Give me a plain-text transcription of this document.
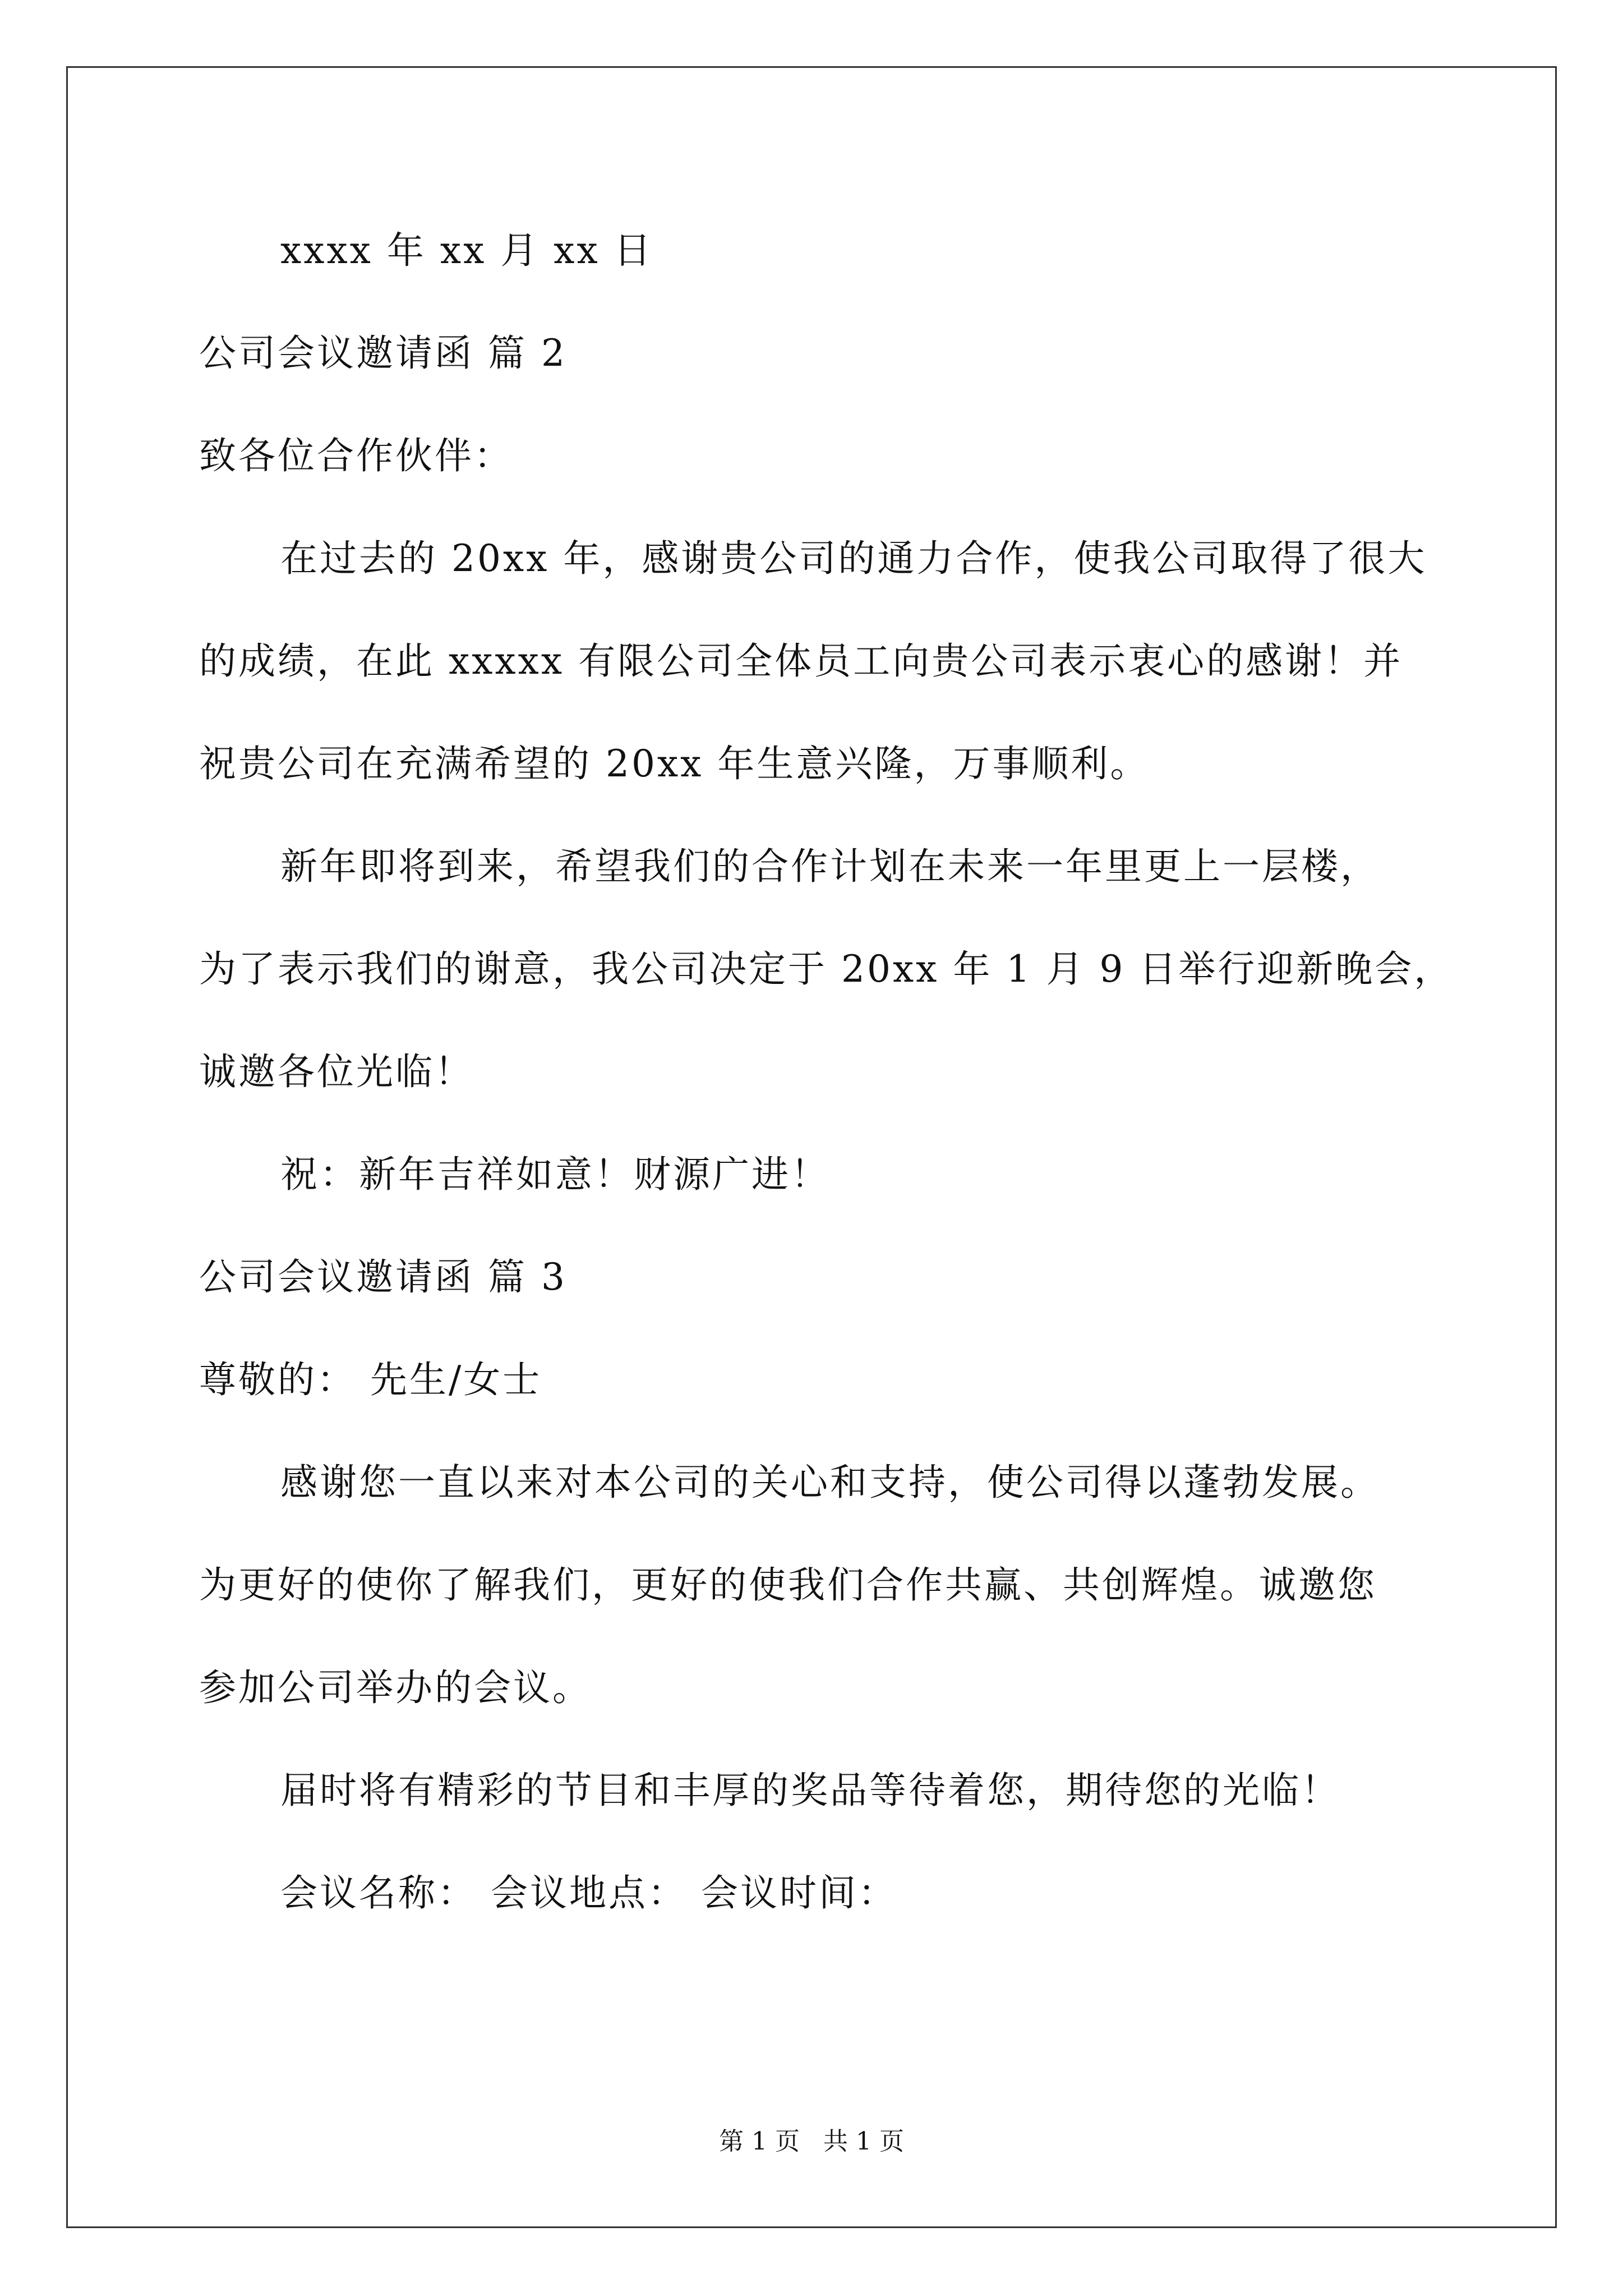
xxxx 年 xx 月 xx 日
公司会议邀请函 篇 2
致各位合作伙伴：
在过去的 20xx 年，感谢贵公司的通力合作，使我公司取得了很大
的成绩，在此 xxxxx 有限公司全体员工向贵公司表示衷心的感谢！并
祝贵公司在充满希望的 20xx 年生意兴隆，万事顺利。
新年即将到来，希望我们的合作计划在未来一年里更上一层楼，
为了表示我们的谢意，我公司决定于 20xx 年 1 月 9 日举行迎新晚会，
诚邀各位光临！
祝：新年吉祥如意！财源广进！
公司会议邀请函 篇 3
尊敬的： 先生/女士
感谢您一直以来对本公司的关心和支持，使公司得以蓬勃发展。
为更好的使你了解我们，更好的使我们合作共赢、共创辉煌。诚邀您
参加公司举办的会议。
届时将有精彩的节目和丰厚的奖品等待着您，期待您的光临！
会议名称： 会议地点： 会议时间：
第 1 页   共 1 页
